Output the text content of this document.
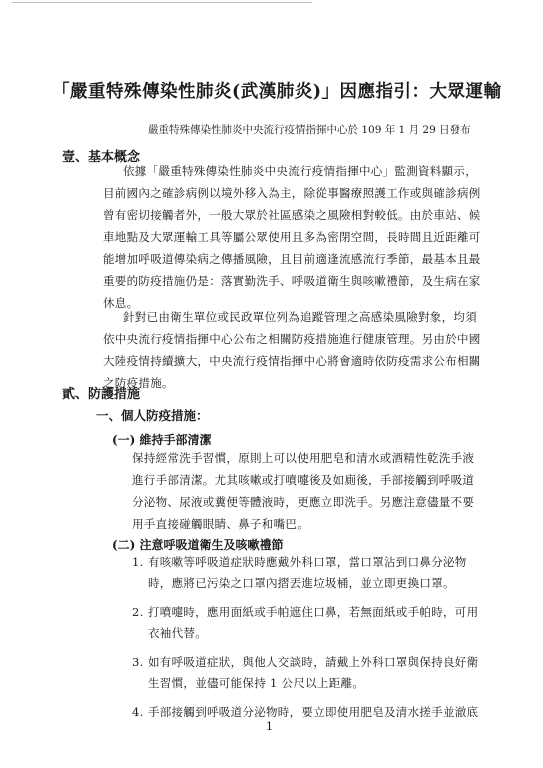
「嚴重特殊傳染性肺炎(武漢肺炎)」因應指引：大眾運輸
嚴重特殊傳染性肺炎中央流行疫情指揮中心於 109 年 1 月 29 日發布
壹、基本概念
依據「嚴重特殊傳染性肺炎中央流行疫情指揮中心」監測資料顯示，
目前國內之確診病例以境外移入為主，除從事醫療照護工作或與確診病例
曾有密切接觸者外，一般大眾於社區感染之風險相對較低。由於車站、候
車地點及大眾運輸工具等屬公眾使用且多為密閉空間，長時間且近距離可
能增加呼吸道傳染病之傳播風險，且目前適逢流感流行季節，最基本且最
重要的防疫措施仍是：落實勤洗手、呼吸道衛生與咳嗽禮節，及生病在家
休息。
針對已由衛生單位或民政單位列為追蹤管理之高感染風險對象，均須
依中央流行疫情指揮中心公布之相關防疫措施進行健康管理。另由於中國
大陸疫情持續擴大，中央流行疫情指揮中心將會適時依防疫需求公布相關
之防疫措施。
貳、防護措施
一、個人防疫措施：
(一) 維持手部清潔
保持經常洗手習慣，原則上可以使用肥皂和清水或酒精性乾洗手液
進行手部清潔。尤其咳嗽或打噴嚏後及如廁後，手部接觸到呼吸道
分泌物、尿液或糞便等體液時，更應立即洗手。另應注意儘量不要
用手直接碰觸眼睛、鼻子和嘴巴。
(二) 注意呼吸道衛生及咳嗽禮節
1. 有咳嗽等呼吸道症狀時應戴外科口罩，當口罩沾到口鼻分泌物
時，應將已污染之口罩內摺丟進垃圾桶，並立即更換口罩。
2. 打噴嚏時，應用面紙或手帕遮住口鼻，若無面紙或手帕時，可用
衣袖代替。
3. 如有呼吸道症狀，與他人交談時，請戴上外科口罩與保持良好衛
生習慣，並儘可能保持 1 公尺以上距離。
4. 手部接觸到呼吸道分泌物時，要立即使用肥皂及清水搓手並澈底
1
